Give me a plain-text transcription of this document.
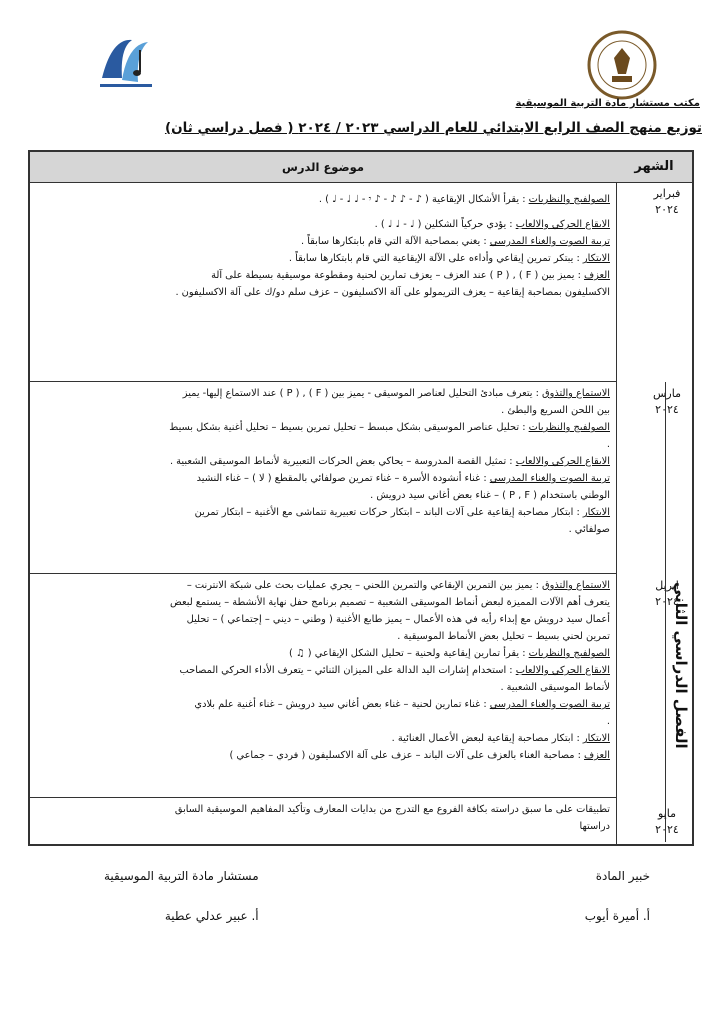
مكتب مستشار مادة التربية الموسيقية
توزيع منهج الصف الرابع الابتدائي للعام الدراسي ٢٠٢٣ / ٢٠٢٤ ( فصل دراسي ثان)
الشهر
موضوع الدرس
فبراير
٢٠٢٤
الصولفيج والنظريات : يقرأ الأشكال الإيقاعية ( ♪ - ♪ ♪ - ♪ 𝄾 - ♩ ♩ - ♩ ) .
الايقاع الحركي والالعاب : يؤدي حركياً الشكلين ( ♩ - ♩ ♩ ) .
تربية الصوت والغناء المدرسي : يغني بمصاحبة الآلة التي قام بابتكارها سابقاً .
الابتكار : يبتكر تمرين إيقاعي وأداءه على الآلة الإيقاعية التي قام بابتكارها سابقاً .
العزف : يميز بين ( F ) , ( P ) عند العزف – يعزف تمارين لحنية ومقطوعة موسيقية بسيطة على آلة
الاكسليفون بمصاحبة إيقاعية – يعزف التريمولو على آلة الاكسليفون – عزف سلم دو/ك على آلة الاكسليفون .
مارس
٢٠٢٤
الاستماع والتذوق : يتعرف مبادئ التحليل لعناصر الموسيقى - يميز بين ( F ) , ( P ) عند الاستماع إليها- يميز
بين اللحن السريع والبطئ .
الصولفيج والنظريات : تحليل عناصر الموسيقى بشكل مبسط – تحليل تمرين بسيط – تحليل أغنية بشكل بسيط
.
الايقاع الحركي والالعاب : تمثيل القصة المدروسة – يحاكي بعض الحركات التعبيرية لأنماط الموسيقى الشعبية .
تربية الصوت والغناء المدرسي : غناء أنشودة الأسرة – غناء تمرين صولفائي بالمقطع ( لا ) – غناء النشيد
الوطني باستخدام ( P , F ) – غناء بعض أغاني سيد درويش .
الابتكار : ابتكار مصاحبة إيقاعية على آلات الباند – ابتكار حركات تعبيرية تتماشى مع الأغنية – ابتكار تمرين
صولفائي .
ابريل
٢٠٢٤
الاستماع والتذوق : يميز بين التمرين الإيقاعي والتمرين اللحني – يجري عمليات بحث على شبكة الانترنت –
يتعرف أهم الآلات المميزة لبعض أنماط الموسيقى الشعبية – تصميم برنامج حفل نهاية الأنشطة – يستمع لبعض
أعمال سيد درويش مع إبداء رأيه في هذه الأعمال – يميز طابع الأغنية ( وطني – ديني – إجتماعي ) – تحليل
تمرين لحني بسيط – تحليل بعض الأنماط الموسيقية .
الصولفيج والنظريات : يقرأ تمارين إيقاعية ولحنية – تحليل الشكل الإيقاعي ( ♫ )
الايقاع الحركي والالعاب : استخدام إشارات اليد الدالة على الميزان الثنائي – يتعرف الأداء الحركي المصاحب
لأنماط الموسيقى الشعبية .
تربية الصوت والغناء المدرسي : غناء تمارين لحنية – غناء بعض أغاني سيد درويش – غناء أغنية علم بلادي
.
الابتكار : ابتكار مصاحبة إيقاعية لبعض الأعمال الغنائية .
العزف : مصاحبة الغناء بالعزف على آلات الباند – عزف على آلة الاكسليفون ( فردي – جماعي )
مايو
٢٠٢٤
تطبيقات على ما سبق دراسته بكافة الفروع مع التدرج من بدايات المعارف وتأكيد المفاهيم الموسيقية السابق
دراستها
الفصل الدراسي الثاني
خبير المادة
أ. أميرة أيوب
مستشار مادة التربية الموسيقية
أ. عبير عدلي عطية
